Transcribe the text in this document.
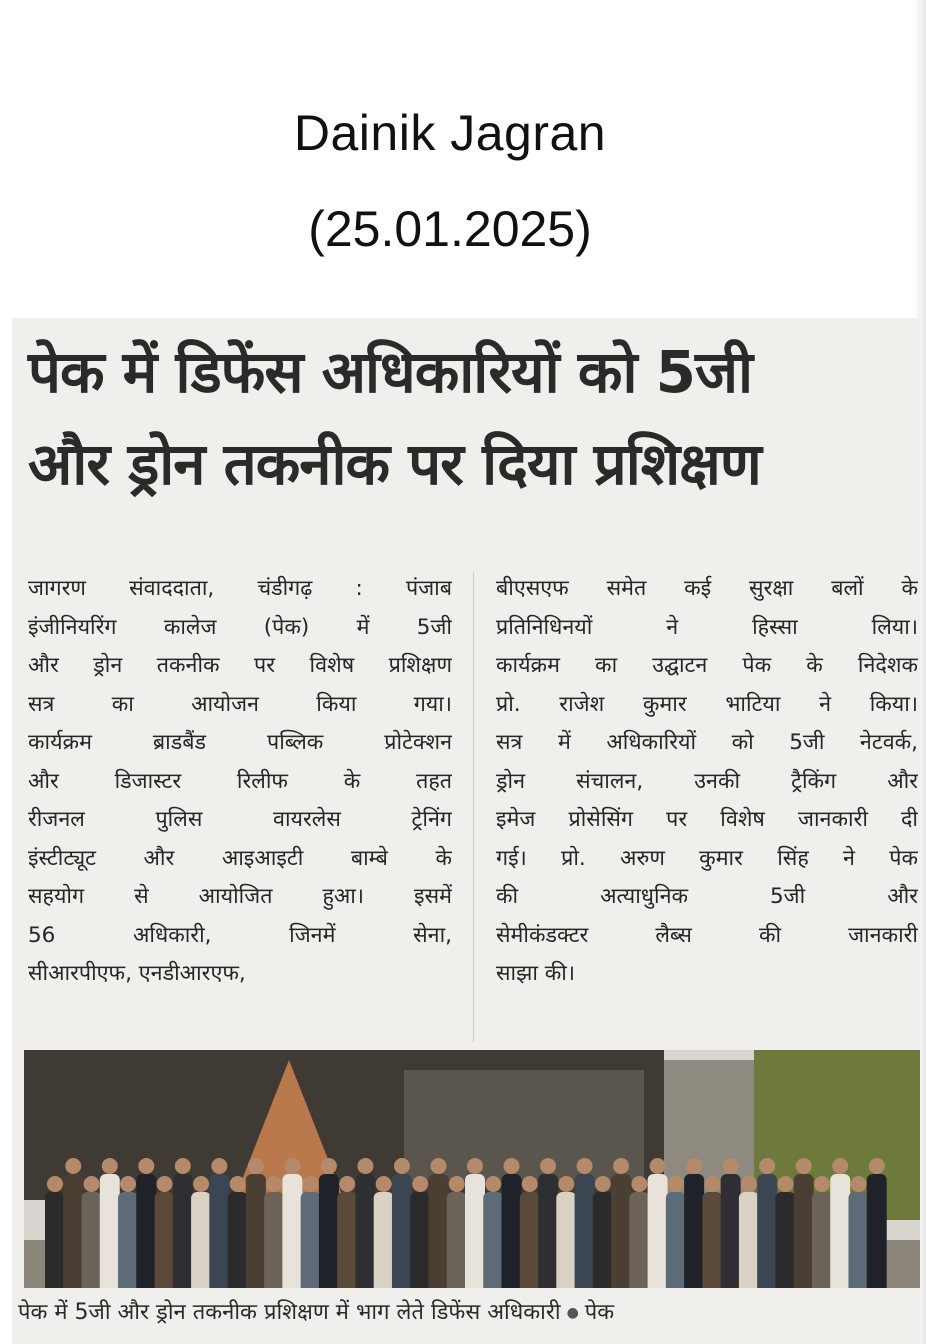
Dainik Jagran
(25.01.2025)
पेक में डिफेंस अधिकारियों को 5जी
और ड्रोन तकनीक पर दिया प्रशिक्षण
जागरण संवाददाता, चंडीगढ़ : पंजाब
इंजीनियरिंग कालेज (पेक) में 5जी
और ड्रोन तकनीक पर विशेष प्रशिक्षण
सत्र का आयोजन किया गया।
कार्यक्रम ब्राडबैंड पब्लिक प्रोटेक्शन
और डिजास्टर रिलीफ के तहत
रीजनल पुलिस वायरलेस ट्रेनिंग
इंस्टीट्यूट और आइआइटी बाम्बे के
सहयोग से आयोजित हुआ। इसमें
56 अधिकारी, जिनमें सेना,
सीआरपीएफ, एनडीआरएफ,
बीएसएफ समेत कई सुरक्षा बलों के
प्रतिनिधिनयों ने हिस्सा लिया।
कार्यक्रम का उद्घाटन पेक के निदेशक
प्रो. राजेश कुमार भाटिया ने किया।
सत्र में अधिकारियों को 5जी नेटवर्क,
ड्रोन संचालन, उनकी ट्रैकिंग और
इमेज प्रोसेसिंग पर विशेष जानकारी दी
गई। प्रो. अरुण कुमार सिंह ने पेक
की अत्याधुनिक 5जी और
सेमीकंडक्टर लैब्स की जानकारी
साझा की।
पेक में 5जी और ड्रोन तकनीक प्रशिक्षण में भाग लेते डिफेंस अधिकारी ● पेक
